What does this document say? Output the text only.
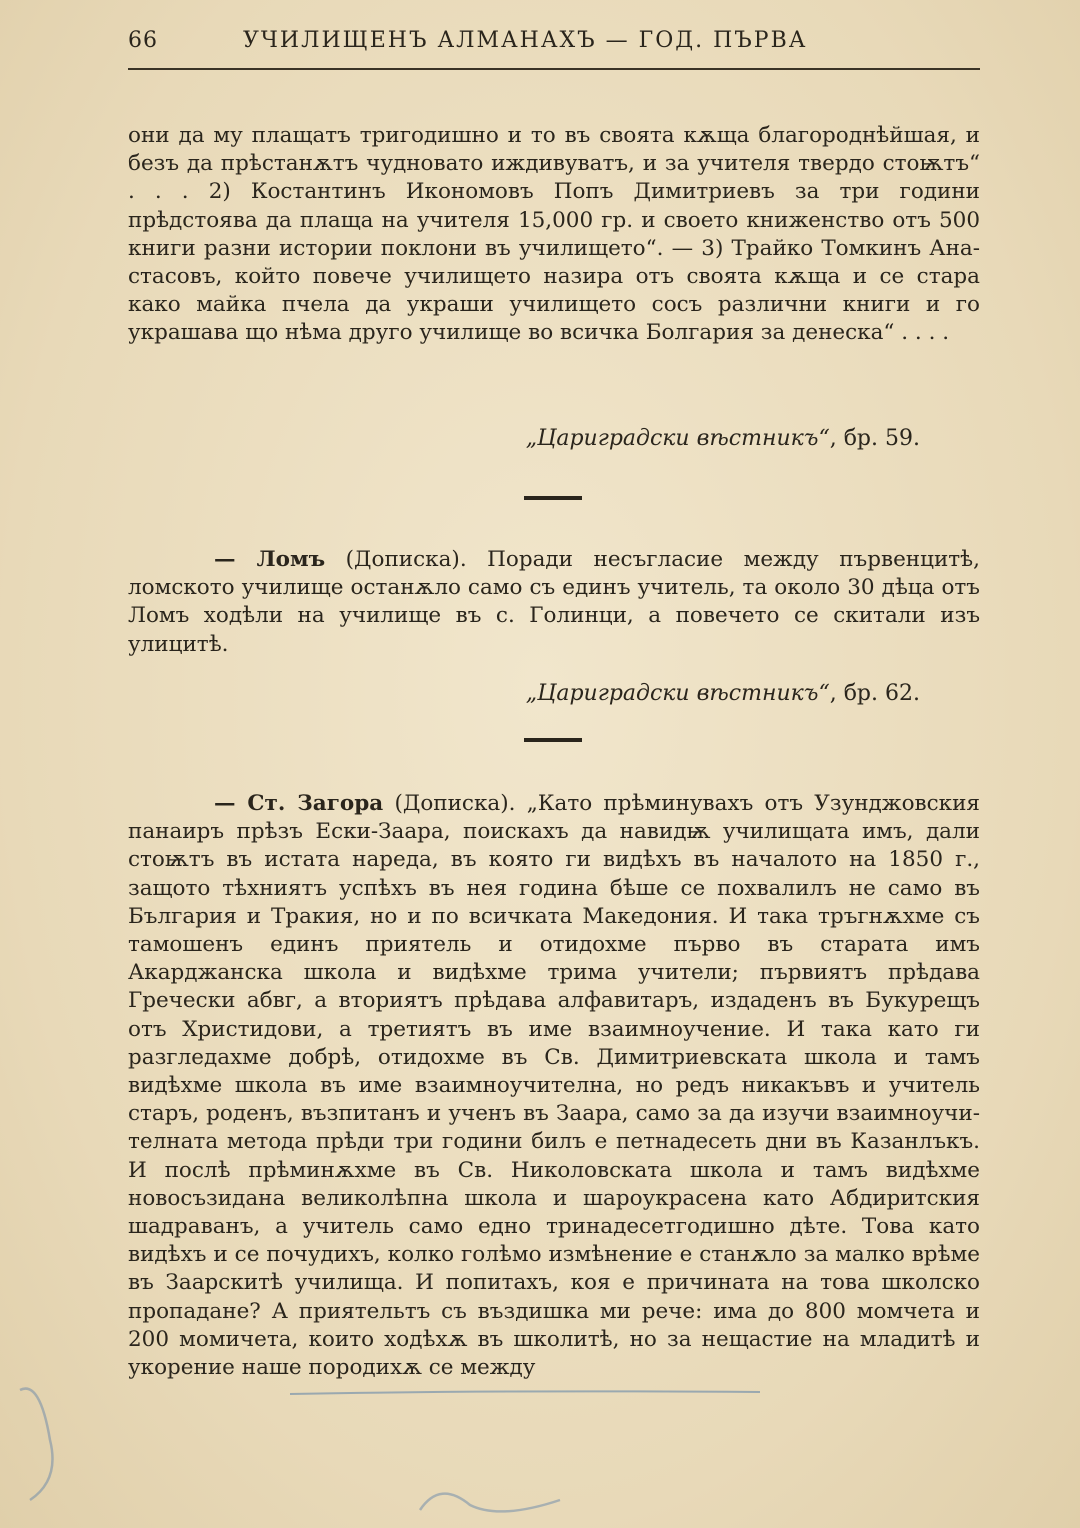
66	УЧИЛИЩЕНЪ АЛМАНАХЪ — ГОД. ПЪРВА

они да му плащатъ тригодишно и то въ своята кѫща благороднѣйшая, и безъ да прѣстанѫтъ чудновато иждивуватъ, и за учителя твердо стоѭтъ“ . . . 2) Костантинъ Икономовъ Попъ Димитриевъ за три години прѣдстоява да плаща на учителя 15,000 гр. и своето книженство отъ 500 книги разни истории поклони въ училището“. — 3) Трайко Томкинъ Анастасовъ, който повече училището назира отъ своята кѫща и се стара како майка пчела да украши училището сосъ различни книги и го украшава що нѣма друго училище во всичка Болгария за денеска“ . . . .

„Цариградски вѣстникъ“, бр. 59.

— Ломъ (Дописка). Поради несъгласие между първенцитѣ, ломското училище останѫло само съ единъ учитель, та около 30 дѣца отъ Ломъ ходѣли на училище въ с. Голинци, а повечето се скитали изъ улицитѣ.

„Цариградски вѣстникъ“, бр. 62.

— Ст. Загора (Дописка). „Като прѣминувахъ отъ Узунджовския панаиръ прѣзъ Ески-Заара, поискахъ да навидѭ училищата имъ, дали стоѭтъ въ истата нареда, въ която ги видѣхъ въ началото на 1850 г., защото тѣхниятъ успѣхъ въ нея година бѣше се похвалилъ не само въ България и Тракия, но и по всичката Македония. И така тръгнѫхме съ тамошенъ единъ приятель и отидохме първо въ старата имъ Акарджанска школа и видѣхме трима учители; първиятъ прѣдава Гречески абвг, а вториятъ прѣдава алфавитаръ, издаденъ въ Букурещъ отъ Христидови, а третиятъ въ име взаимноучение. И така като ги разгледахме добрѣ, отидохме въ Св. Димитриевската школа и тамъ видѣхме школа въ име взаимноучителна, но редъ никакъвъ и учитель старъ, роденъ, възпитанъ и ученъ въ Заара, само за да изучи взаимноучителната метода прѣди три години билъ е петнадесеть дни въ Казанлъкъ. И послѣ прѣминѫхме въ Св. Николовската школа и тамъ видѣхме новосъзидана великолѣпна школа и шароукрасена като Абдиритския шадраванъ, а учитель само едно тринадесетгодишно дѣте. Това като видѣхъ и се почудихъ, колко голѣмо измѣнение е станѫло за малко врѣме въ Заарскитѣ училища. И попитахъ, коя е причината на това школско пропадане? А приятельтъ съ въздишка ми рече: има до 800 момчета и 200 момичета, които ходѣхѫ въ школитѣ, но за нещастие на младитѣ и укорение наше породихѫ се между
